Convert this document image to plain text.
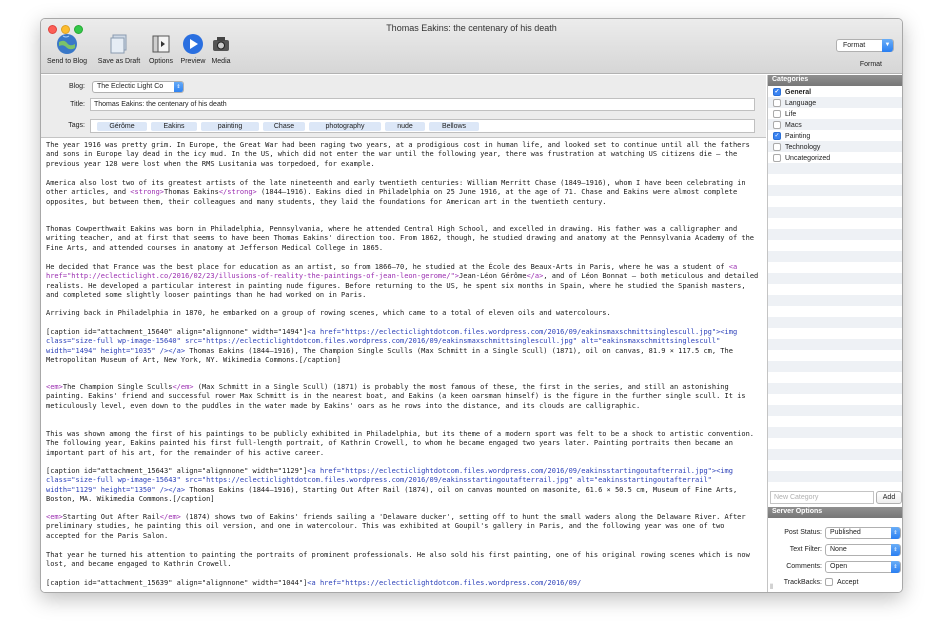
Thomas Eakins: the centenary of his death
Send to Blog	Save as Draft	Options	Preview Media
Format	▼
Format
Blog:	The Eclectic Light Co	⇕
Title:	Thomas Eakins: the centenary of his death
Tags:	Gérôme	Eakins	painting	Chase	photography	nude	Bellows
The year 1916 was pretty grim. In Europe, the Great War had been raging two years, at a prodigious cost in human life, and looked set to continue until all the fathers and sons in Europe lay dead in the icy mud. In the US, which did not enter the war until the following year, there was frustration at watching US citizens die – the previous year 128 were lost when the RMS Lusitania was torpedoed, for example.
America also lost two of its greatest artists of the late nineteenth and early twentieth centuries: William Merritt Chase (1849–1916), whom I have been celebrating in other articles, and <strong>Thomas Eakins</strong> (1844–1916). Eakins died in Philadelphia on 25 June 1916, at the age of 71. Chase and Eakins were almost complete opposites, but between them, their colleagues and many students, they laid the foundations for American art in the twentieth century.
Thomas Cowperthwait Eakins was born in Philadelphia, Pennsylvania, where he attended Central High School, and excelled in drawing. His father was a calligrapher and writing teacher, and at first that seems to have been Thomas Eakins' direction too. From 1862, though, he studied drawing and anatomy at the Pennsylvania Academy of the Fine Arts, and attended courses in anatomy at Jefferson Medical College in 1865.
He decided that France was the best place for education as an artist, so from 1866–70, he studied at the École des Beaux-Arts in Paris, where he was a student of <a href="http://eclecticlight.co/2016/02/23/illusions-of-reality-the-paintings-of-jean-leon-gerome/">Jean-Léon Gérôme</a>, and of Léon Bonnat – both meticulous and detailed realists. He developed a particular interest in painting nude figures. Before returning to the US, he spent six months in Spain, where he studied the Spanish masters, and completed some slightly looser paintings than he had worked on in Paris.
Arriving back in Philadelphia in 1870, he embarked on a group of rowing scenes, which came to a total of eleven oils and watercolours.
[caption id="attachment_15640" align="alignnone" width="1494"]<a href="https://eclecticlightdotcom.files.wordpress.com/2016/09/eakinsmaxschmittsinglescull.jpg"><img class="size-full wp-image-15640" src="https://eclecticlightdotcom.files.wordpress.com/2016/09/eakinsmaxschmittsinglescull.jpg" alt="eakinsmaxschmittsinglescull" width="1494" height="1035" /></a> Thomas Eakins (1844–1916), The Champion Single Sculls (Max Schmitt in a Single Scull) (1871), oil on canvas, 81.9 × 117.5 cm, The Metropolitan Museum of Art, New York, NY. Wikimedia Commons.[/caption]
<em>The Champion Single Sculls</em> (Max Schmitt in a Single Scull) (1871) is probably the most famous of these, the first in the series, and still an astonishing painting. Eakins' friend and successful rower Max Schmitt is in the nearest boat, and Eakins (a keen oarsman himself) is the figure in the further single scull. It is meticulously level, even down to the puddles in the water made by Eakins' oars as he rows into the distance, and its clouds are calligraphic.
This was shown among the first of his paintings to be publicly exhibited in Philadelphia, but its theme of a modern sport was felt to be a shock to artistic convention. The following year, Eakins painted his first full-length portrait, of Kathrin Crowell, to whom he became engaged two years later. Painting portraits then became an important part of his art, for the remainder of his active career.
[caption id="attachment_15643" align="alignnone" width="1129"]<a href="https://eclecticlightdotcom.files.wordpress.com/2016/09/eakinsstartingoutafterrail.jpg"><img class="size-full wp-image-15643" src="https://eclecticlightdotcom.files.wordpress.com/2016/09/eakinsstartingoutafterrail.jpg" alt="eakinsstartingoutafterrail" width="1129" height="1350" /></a> Thomas Eakins (1844–1916), Starting Out After Rail (1874), oil on canvas mounted on masonite, 61.6 × 50.5 cm, Museum of Fine Arts, Boston, MA. Wikimedia Commons.[/caption]
<em>Starting Out After Rail</em> (1874) shows two of Eakins' friends sailing a 'Delaware ducker', setting off to hunt the small waders along the Delaware River. After preliminary studies, he painting this oil version, and one in watercolour. This was exhibited at Goupil's gallery in Paris, and the following year was one of two accepted for the Paris Salon.
That year he turned his attention to painting the portraits of prominent professionals. He also sold his first painting, one of his original rowing scenes which is now lost, and became engaged to Kathrin Crowell.
[caption id="attachment_15639" align="alignnone" width="1044"]<a href="https://eclecticlightdotcom.files.wordpress.com/2016/09/
Categories
✓ General
Language
Life
Macs
✓ Painting
Technology
Uncategorized
New Category	Add
Server Options
Post Status:	Published	⇕
Text Filter:	None	⇕
Comments:	Open	⇕
TrackBacks: Accept
⦀
